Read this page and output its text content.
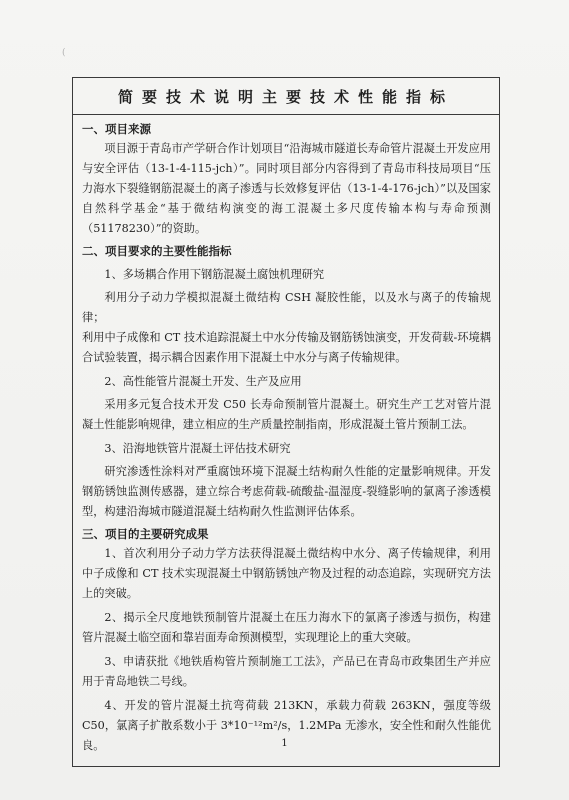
(
简要技术说明主要技术性能指标
一、项目来源

项目源于青岛市产学研合作计划项目“沿海城市隧道长寿命管片混凝土开发应用与安全评估（13-1-4-115-jch）”。同时项目部分内容得到了青岛市科技局项目“压力海水下裂缝钢筋混凝土的离子渗透与长效修复评估（13-1-4-176-jch）”以及国家自然科学基金“基于微结构演变的海工混凝土多尺度传输本构与寿命预测（51178230）”的资助。

二、项目要求的主要性能指标

1、多场耦合作用下钢筋混凝土腐蚀机理研究

利用分子动力学模拟混凝土微结构 CSH 凝胶性能，以及水与离子的传输规律；

利用中子成像和 CT 技术追踪混凝土中水分传输及钢筋锈蚀演变，开发荷载-环境耦合试验装置，揭示耦合因素作用下混凝土中水分与离子传输规律。

2、高性能管片混凝土开发、生产及应用

采用多元复合技术开发 C50 长寿命预制管片混凝土。研究生产工艺对管片混凝土性能影响规律，建立相应的生产质量控制指南，形成混凝土管片预制工法。

3、沿海地铁管片混凝土评估技术研究

研究渗透性涂料对严重腐蚀环境下混凝土结构耐久性能的定量影响规律。开发钢筋锈蚀监测传感器，建立综合考虑荷载-硫酸盐-温湿度-裂缝影响的氯离子渗透模型，构建沿海城市隧道混凝土结构耐久性监测评估体系。

三、项目的主要研究成果

1、首次利用分子动力学方法获得混凝土微结构中水分、离子传输规律，利用中子成像和 CT 技术实现混凝土中钢筋锈蚀产物及过程的动态追踪，实现研究方法上的突破。

2、揭示全尺度地铁预制管片混凝土在压力海水下的氯离子渗透与损伤，构建管片混凝土临空面和靠岩面寿命预测模型，实现理论上的重大突破。

3、申请获批《地铁盾构管片预制施工工法》，产品已在青岛市政集团生产并应用于青岛地铁二号线。

4、开发的管片混凝土抗弯荷载 213KN，承载力荷载 263KN，强度等级 C50，氯离子扩散系数小于 3*10⁻¹²m²/s，1.2MPa 无渗水，安全性和耐久性能优良。	1
